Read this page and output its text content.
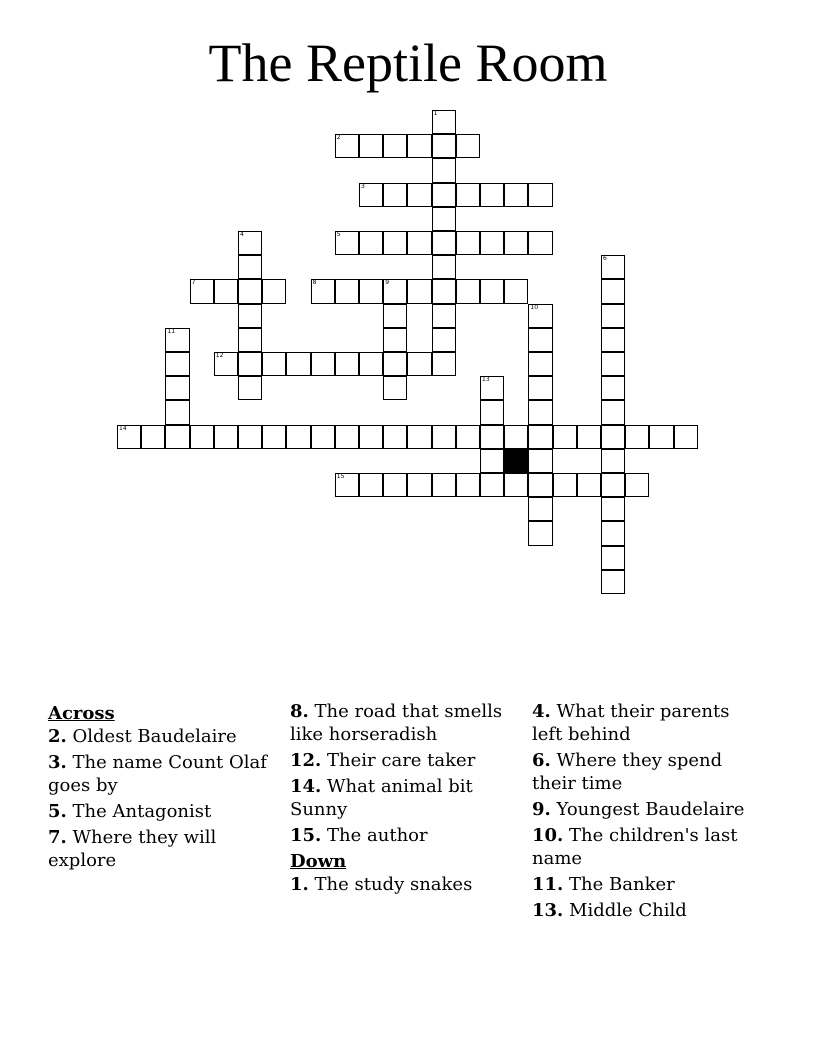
The Reptile Room
1
2
3
4	5
6
7	8	9
10
11
12
13
14
15
Across
2. Oldest Baudelaire
3. The name Count Olaf goes by
5. The Antagonist
7. Where they will explore
8. The road that smells like horseradish
12. Their care taker
14. What animal bit Sunny
15. The author
Down
1. The study snakes
4. What their parents left behind
6. Where they spend their time
9. Youngest Baudelaire
10. The children's last name
11. The Banker
13. Middle Child
